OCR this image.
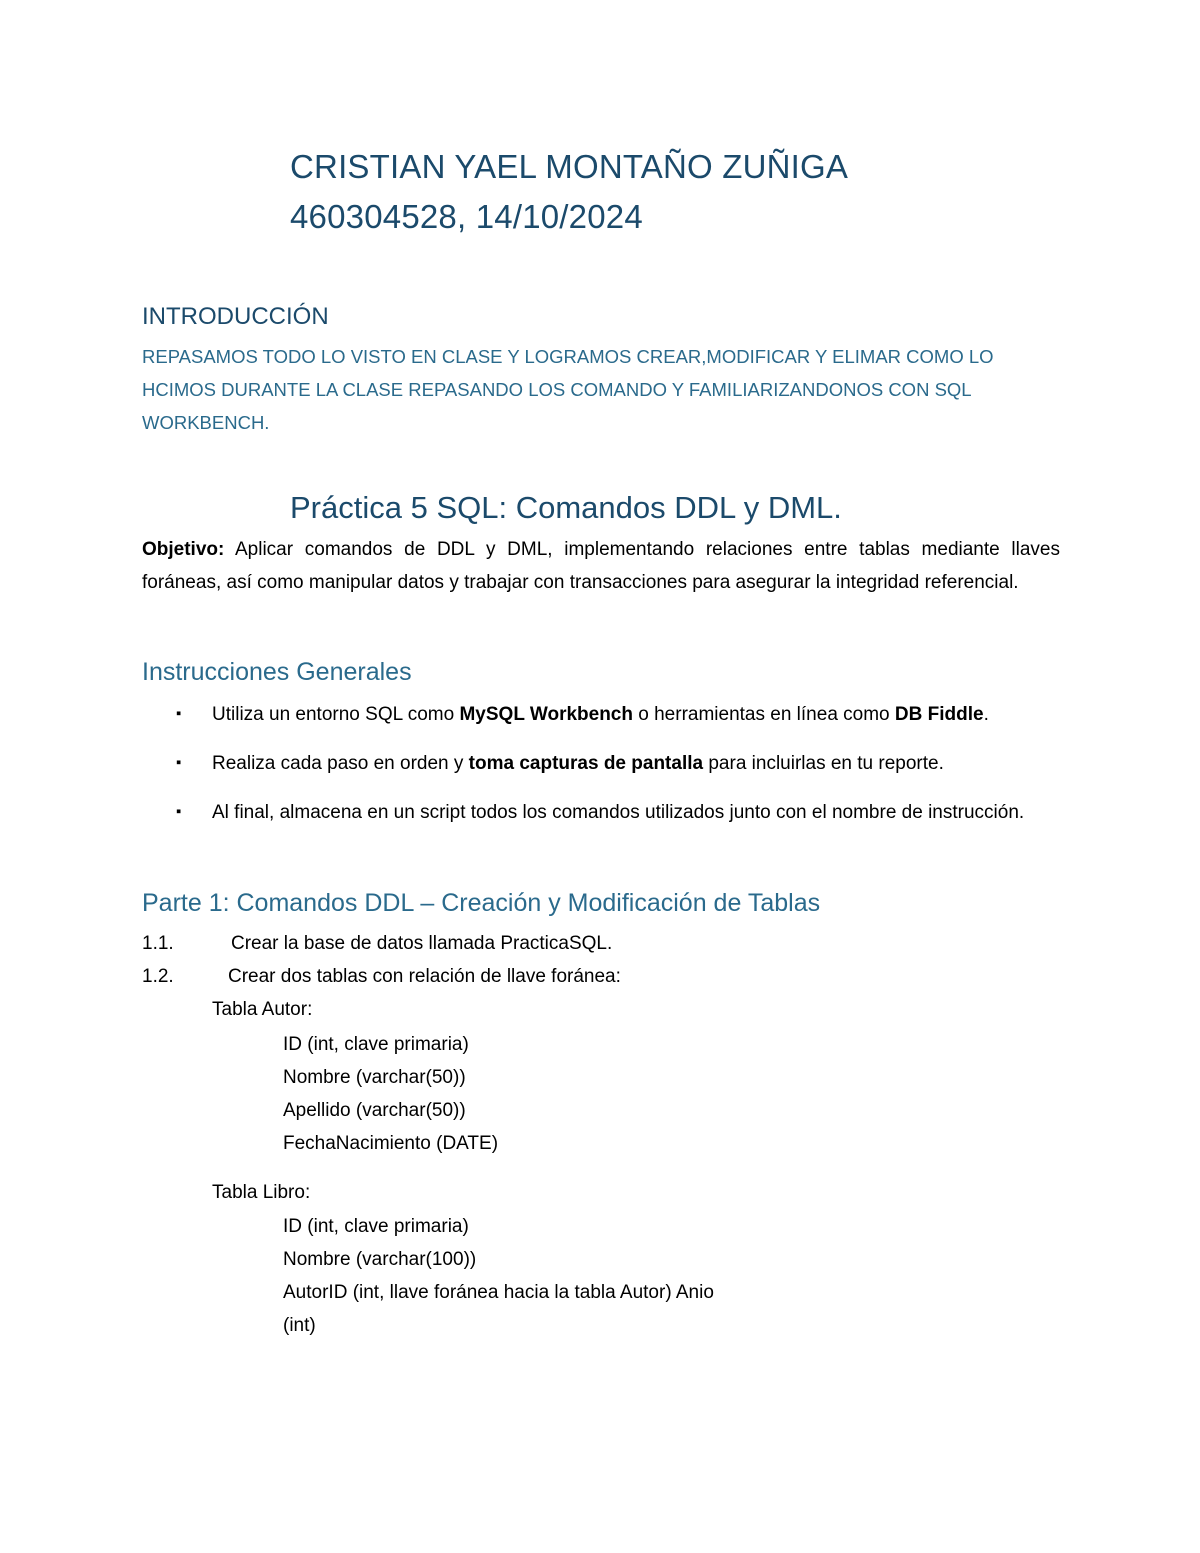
CRISTIAN YAEL MONTAÑO ZUÑIGA
460304528, 14/10/2024
INTRODUCCIÓN
REPASAMOS TODO LO VISTO EN CLASE Y LOGRAMOS CREAR,MODIFICAR Y ELIMAR COMO LO HCIMOS DURANTE LA CLASE REPASANDO LOS COMANDO Y FAMILIARIZANDONOS CON SQL WORKBENCH.
Práctica 5 SQL: Comandos DDL y DML.
Objetivo: Aplicar comandos de DDL y DML, implementando relaciones entre tablas mediante llaves foráneas, así como manipular datos y trabajar con transacciones para asegurar la integridad referencial.
Instrucciones Generales
▪ Utiliza un entorno SQL como MySQL Workbench o herramientas en línea como DB Fiddle.
▪ Realiza cada paso en orden y toma capturas de pantalla para incluirlas en tu reporte.
▪ Al final, almacena en un script todos los comandos utilizados junto con el nombre de instrucción.
Parte 1: Comandos DDL – Creación y Modificación de Tablas
1.1.	Crear la base de datos llamada PracticaSQL.
1.2.	Crear dos tablas con relación de llave foránea:
Tabla Autor:
ID (int, clave primaria)
Nombre (varchar(50))
Apellido (varchar(50))
FechaNacimiento (DATE)
Tabla Libro:
ID (int, clave primaria)
Nombre (varchar(100))
AutorID (int, llave foránea hacia la tabla Autor) Anio
(int)
